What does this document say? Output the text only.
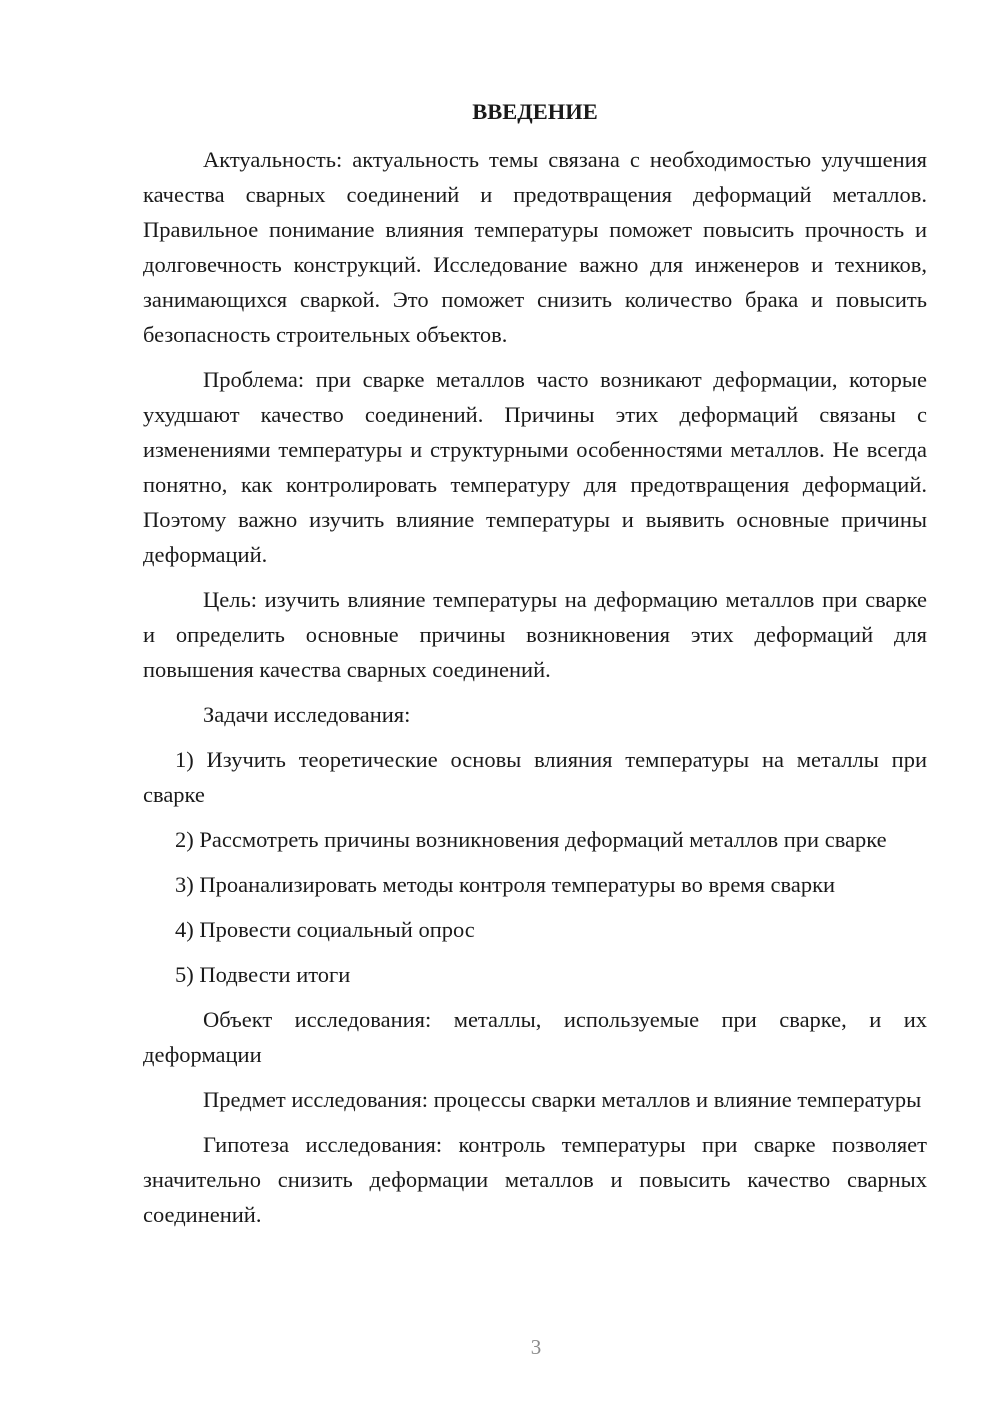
ВВЕДЕНИЕ

Актуальность: актуальность темы связана с необходимостью улучшения качества сварных соединений и предотвращения деформаций металлов. Правильное понимание влияния температуры поможет повысить прочность и долговечность конструкций. Исследование важно для инженеров и техников, занимающихся сваркой. Это поможет снизить количество брака и повысить безопасность строительных объектов.

Проблема: при сварке металлов часто возникают деформации, которые ухудшают качество соединений. Причины этих деформаций связаны с изменениями температуры и структурными особенностями металлов. Не всегда понятно, как контролировать температуру для предотвращения деформаций. Поэтому важно изучить влияние температуры и выявить основные причины деформаций.

Цель: изучить влияние температуры на деформацию металлов при сварке и определить основные причины возникновения этих деформаций для повышения качества сварных соединений.

Задачи исследования:

1) Изучить теоретические основы влияния температуры на металлы при сварке

2) Рассмотреть причины возникновения деформаций металлов при сварке

3) Проанализировать методы контроля температуры во время сварки

4) Провести социальный опрос

5) Подвести итоги

Объект исследования: металлы, используемые при сварке, и их деформации

Предмет исследования: процессы сварки металлов и влияние температуры

Гипотеза исследования: контроль температуры при сварке позволяет значительно снизить деформации металлов и повысить качество сварных соединений.

3
